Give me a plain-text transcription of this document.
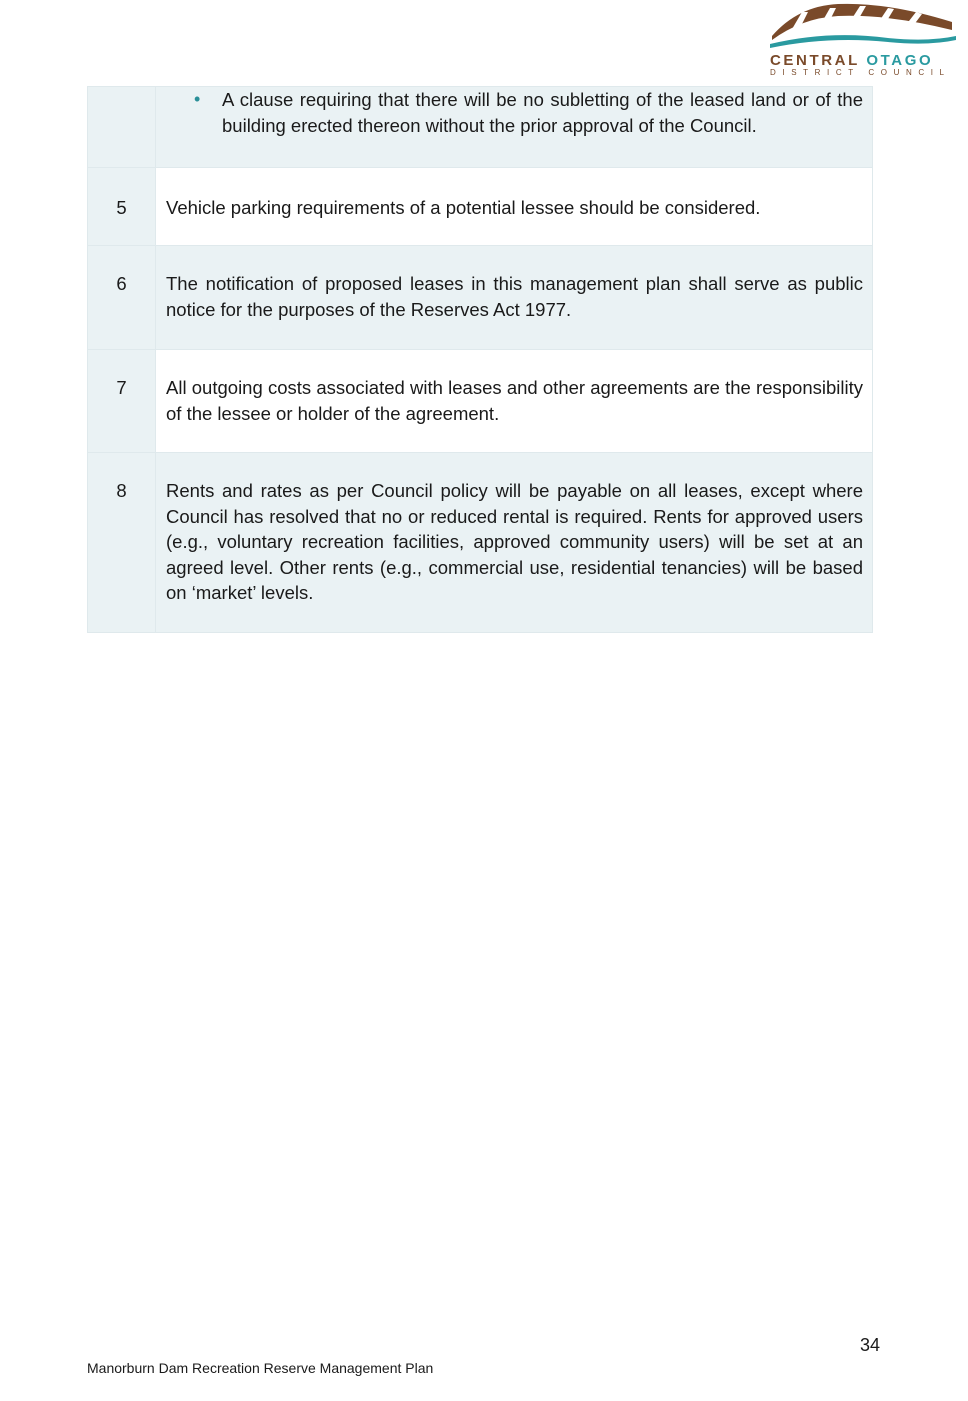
CENTRAL OTAGO
DISTRICT COUNCIL

	• A clause requiring that there will be no subletting of the leased land or of the building erected thereon without the prior approval of the Council.

5	Vehicle parking requirements of a potential lessee should be considered.
6	The notification of proposed leases in this management plan shall serve as public notice for the purposes of the Reserves Act 1977.
7	All outgoing costs associated with leases and other agreements are the responsibility of the lessee or holder of the agreement.
8	Rents and rates as per Council policy will be payable on all leases, except where Council has resolved that no or reduced rental is required. Rents for approved users (e.g., voluntary recreation facilities, approved community users) will be set at an agreed level. Other rents (e.g., commercial use, residential tenancies) will be based on ‘market’ levels.
34
Manorburn Dam Recreation Reserve Management Plan
